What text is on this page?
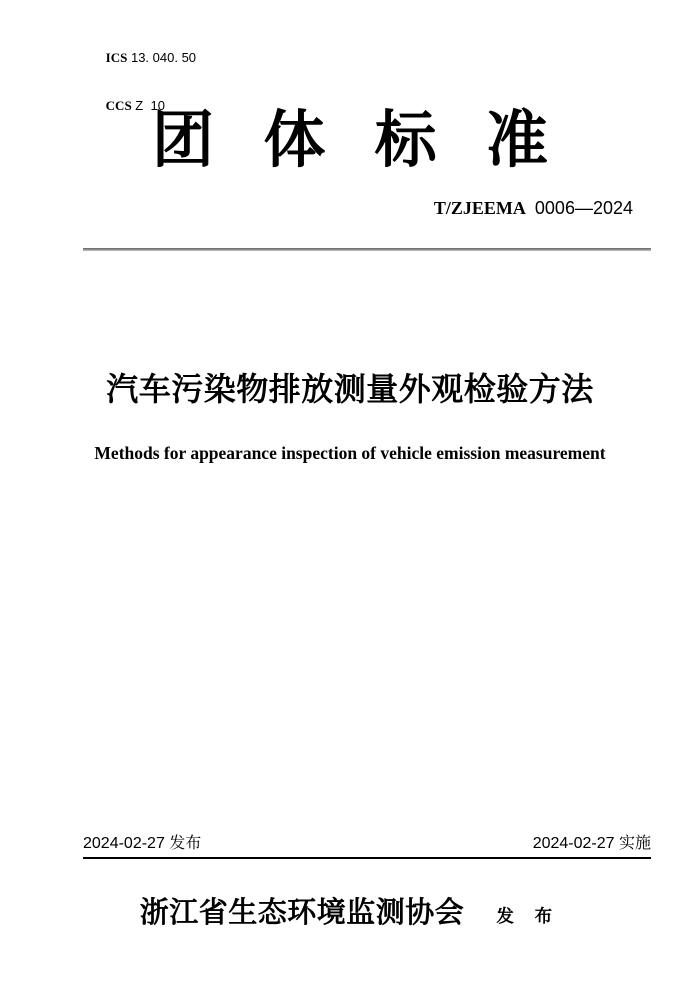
ICS 13. 040. 50

CCS Z  10

团 体 标 准
T/ZJEEMA 0006—2024
汽车污染物排放测量外观检验方法
Methods for appearance inspection of vehicle emission measurement
2024-02-27 发布	2024-02-27 实施
浙江省生态环境监测协会 发 布
